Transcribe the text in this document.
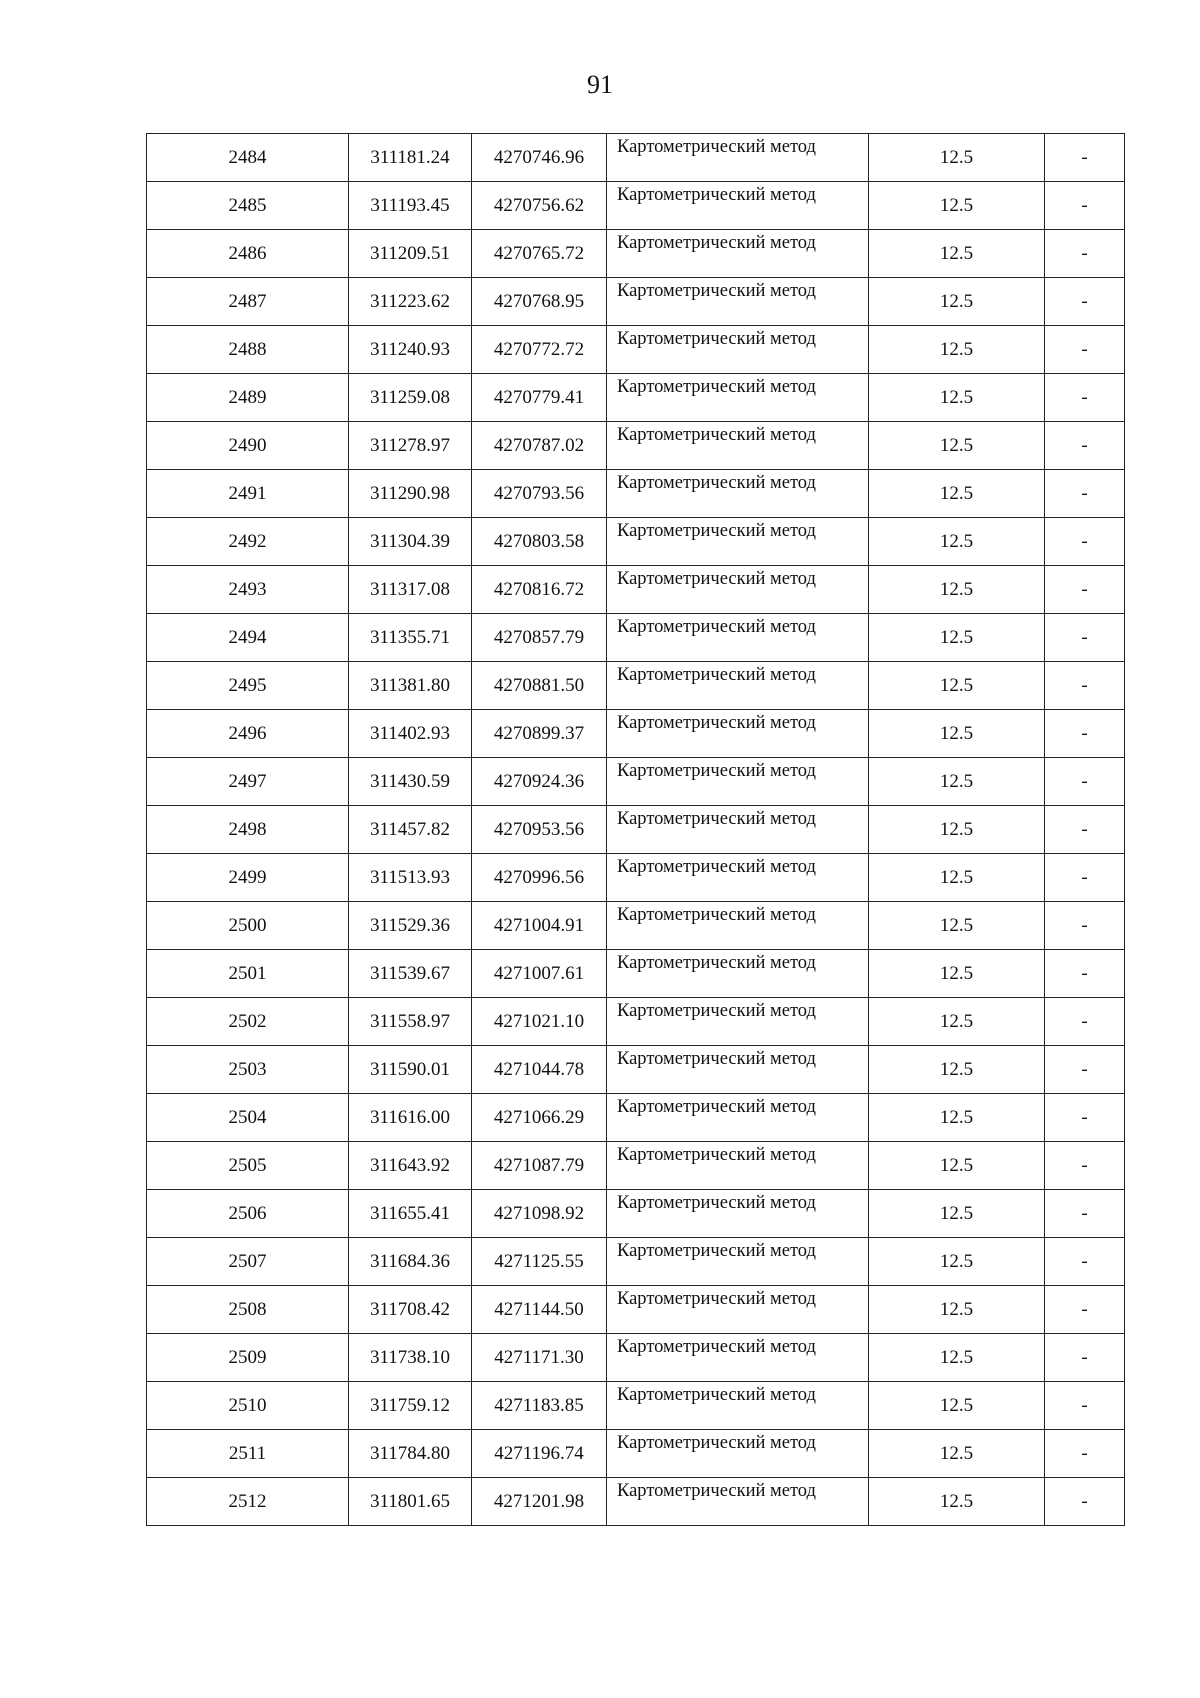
91
2484	311181.24	4270746.96	Картометрический метод	12.5	-
2485	311193.45	4270756.62	Картометрический метод	12.5	-
2486	311209.51	4270765.72	Картометрический метод	12.5	-
2487	311223.62	4270768.95	Картометрический метод	12.5	-
2488	311240.93	4270772.72	Картометрический метод	12.5	-
2489	311259.08	4270779.41	Картометрический метод	12.5	-
2490	311278.97	4270787.02	Картометрический метод	12.5	-
2491	311290.98	4270793.56	Картометрический метод	12.5	-
2492	311304.39	4270803.58	Картометрический метод	12.5	-
2493	311317.08	4270816.72	Картометрический метод	12.5	-
2494	311355.71	4270857.79	Картометрический метод	12.5	-
2495	311381.80	4270881.50	Картометрический метод	12.5	-
2496	311402.93	4270899.37	Картометрический метод	12.5	-
2497	311430.59	4270924.36	Картометрический метод	12.5	-
2498	311457.82	4270953.56	Картометрический метод	12.5	-
2499	311513.93	4270996.56	Картометрический метод	12.5	-
2500	311529.36	4271004.91	Картометрический метод	12.5	-
2501	311539.67	4271007.61	Картометрический метод	12.5	-
2502	311558.97	4271021.10	Картометрический метод	12.5	-
2503	311590.01	4271044.78	Картометрический метод	12.5	-
2504	311616.00	4271066.29	Картометрический метод	12.5	-
2505	311643.92	4271087.79	Картометрический метод	12.5	-
2506	311655.41	4271098.92	Картометрический метод	12.5	-
2507	311684.36	4271125.55	Картометрический метод	12.5	-
2508	311708.42	4271144.50	Картометрический метод	12.5	-
2509	311738.10	4271171.30	Картометрический метод	12.5	-
2510	311759.12	4271183.85	Картометрический метод	12.5	-
2511	311784.80	4271196.74	Картометрический метод	12.5	-
2512	311801.65	4271201.98	Картометрический метод	12.5	-
